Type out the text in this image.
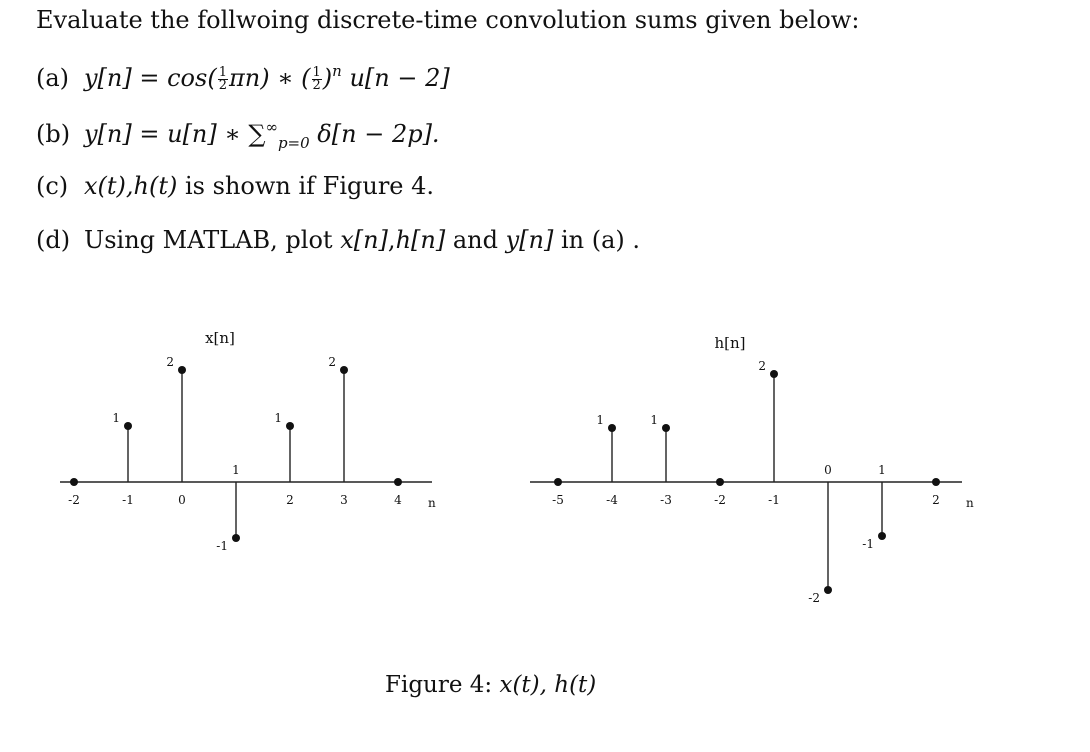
Evaluate the follwoing discrete-time convolution sums given below:
(a) $y[n] = \cos( \frac{1}{2} \pi n)$ ∗ ( $\frac{1}{2} )^n$ u[n − 2]
(b) y[n] = u[n] ∗ $\sum^\infty_{p=0}$ δ[n − 2p].
(c) x(t),h(t) is shown if Figure 4.
(d) Using MATLAB, plot x[n],h[n] and y[n] in (a) .
x[n]
n
-2	-1
1
0
2
1
-1
2
1
3
2
4
h[n]
n
-5	-4
1
-3
1
-2	-1
2
0
-2
1
-1
2
Figure 4: x(t), h(t)
